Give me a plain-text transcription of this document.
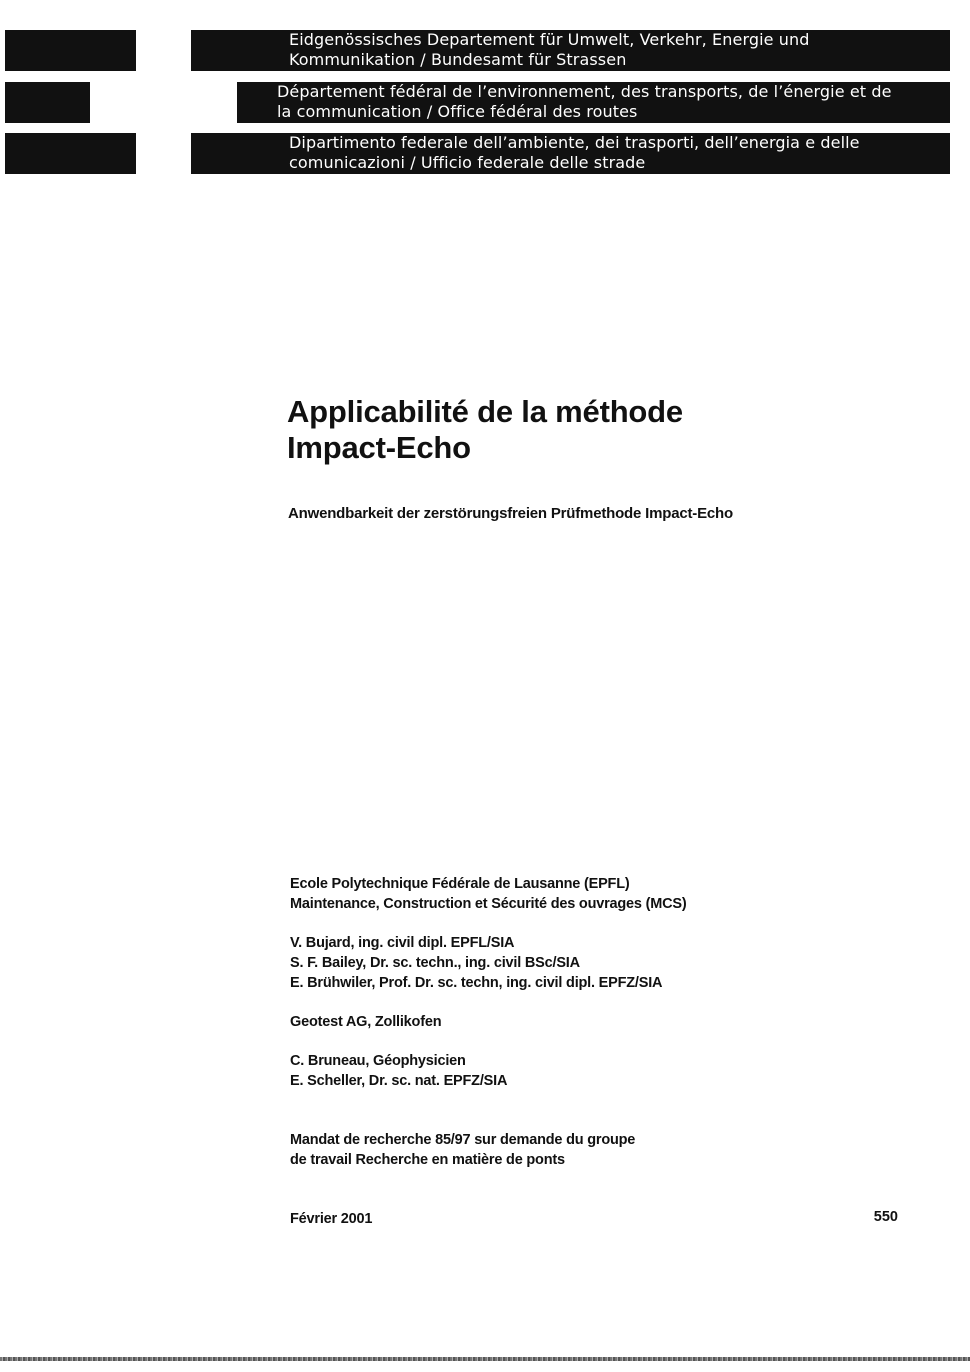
Eidgenössisches Departement für Umwelt, Verkehr, Energie und
Kommunikation / Bundesamt für Strassen
Département fédéral de l’environnement, des transports, de l’énergie et de
la communication / Office fédéral des routes
Dipartimento federale dell’ambiente, dei trasporti, dell’energia e delle
comunicazioni / Ufficio federale delle strade
Applicabilité de la méthode
Impact-Echo
Anwendbarkeit der zerstörungsfreien Prüfmethode Impact-Echo
Ecole Polytechnique Fédérale de Lausanne (EPFL)
Maintenance, Construction et Sécurité des ouvrages (MCS)
V. Bujard, ing. civil dipl. EPFL/SIA
S. F. Bailey, Dr. sc. techn., ing. civil BSc/SIA
E. Brühwiler, Prof. Dr. sc. techn, ing. civil dipl. EPFZ/SIA
Geotest AG, Zollikofen
C. Bruneau, Géophysicien
E. Scheller, Dr. sc. nat. EPFZ/SIA
Mandat de recherche 85/97 sur demande du groupe
de travail Recherche en matière de ponts
Février 2001	550
